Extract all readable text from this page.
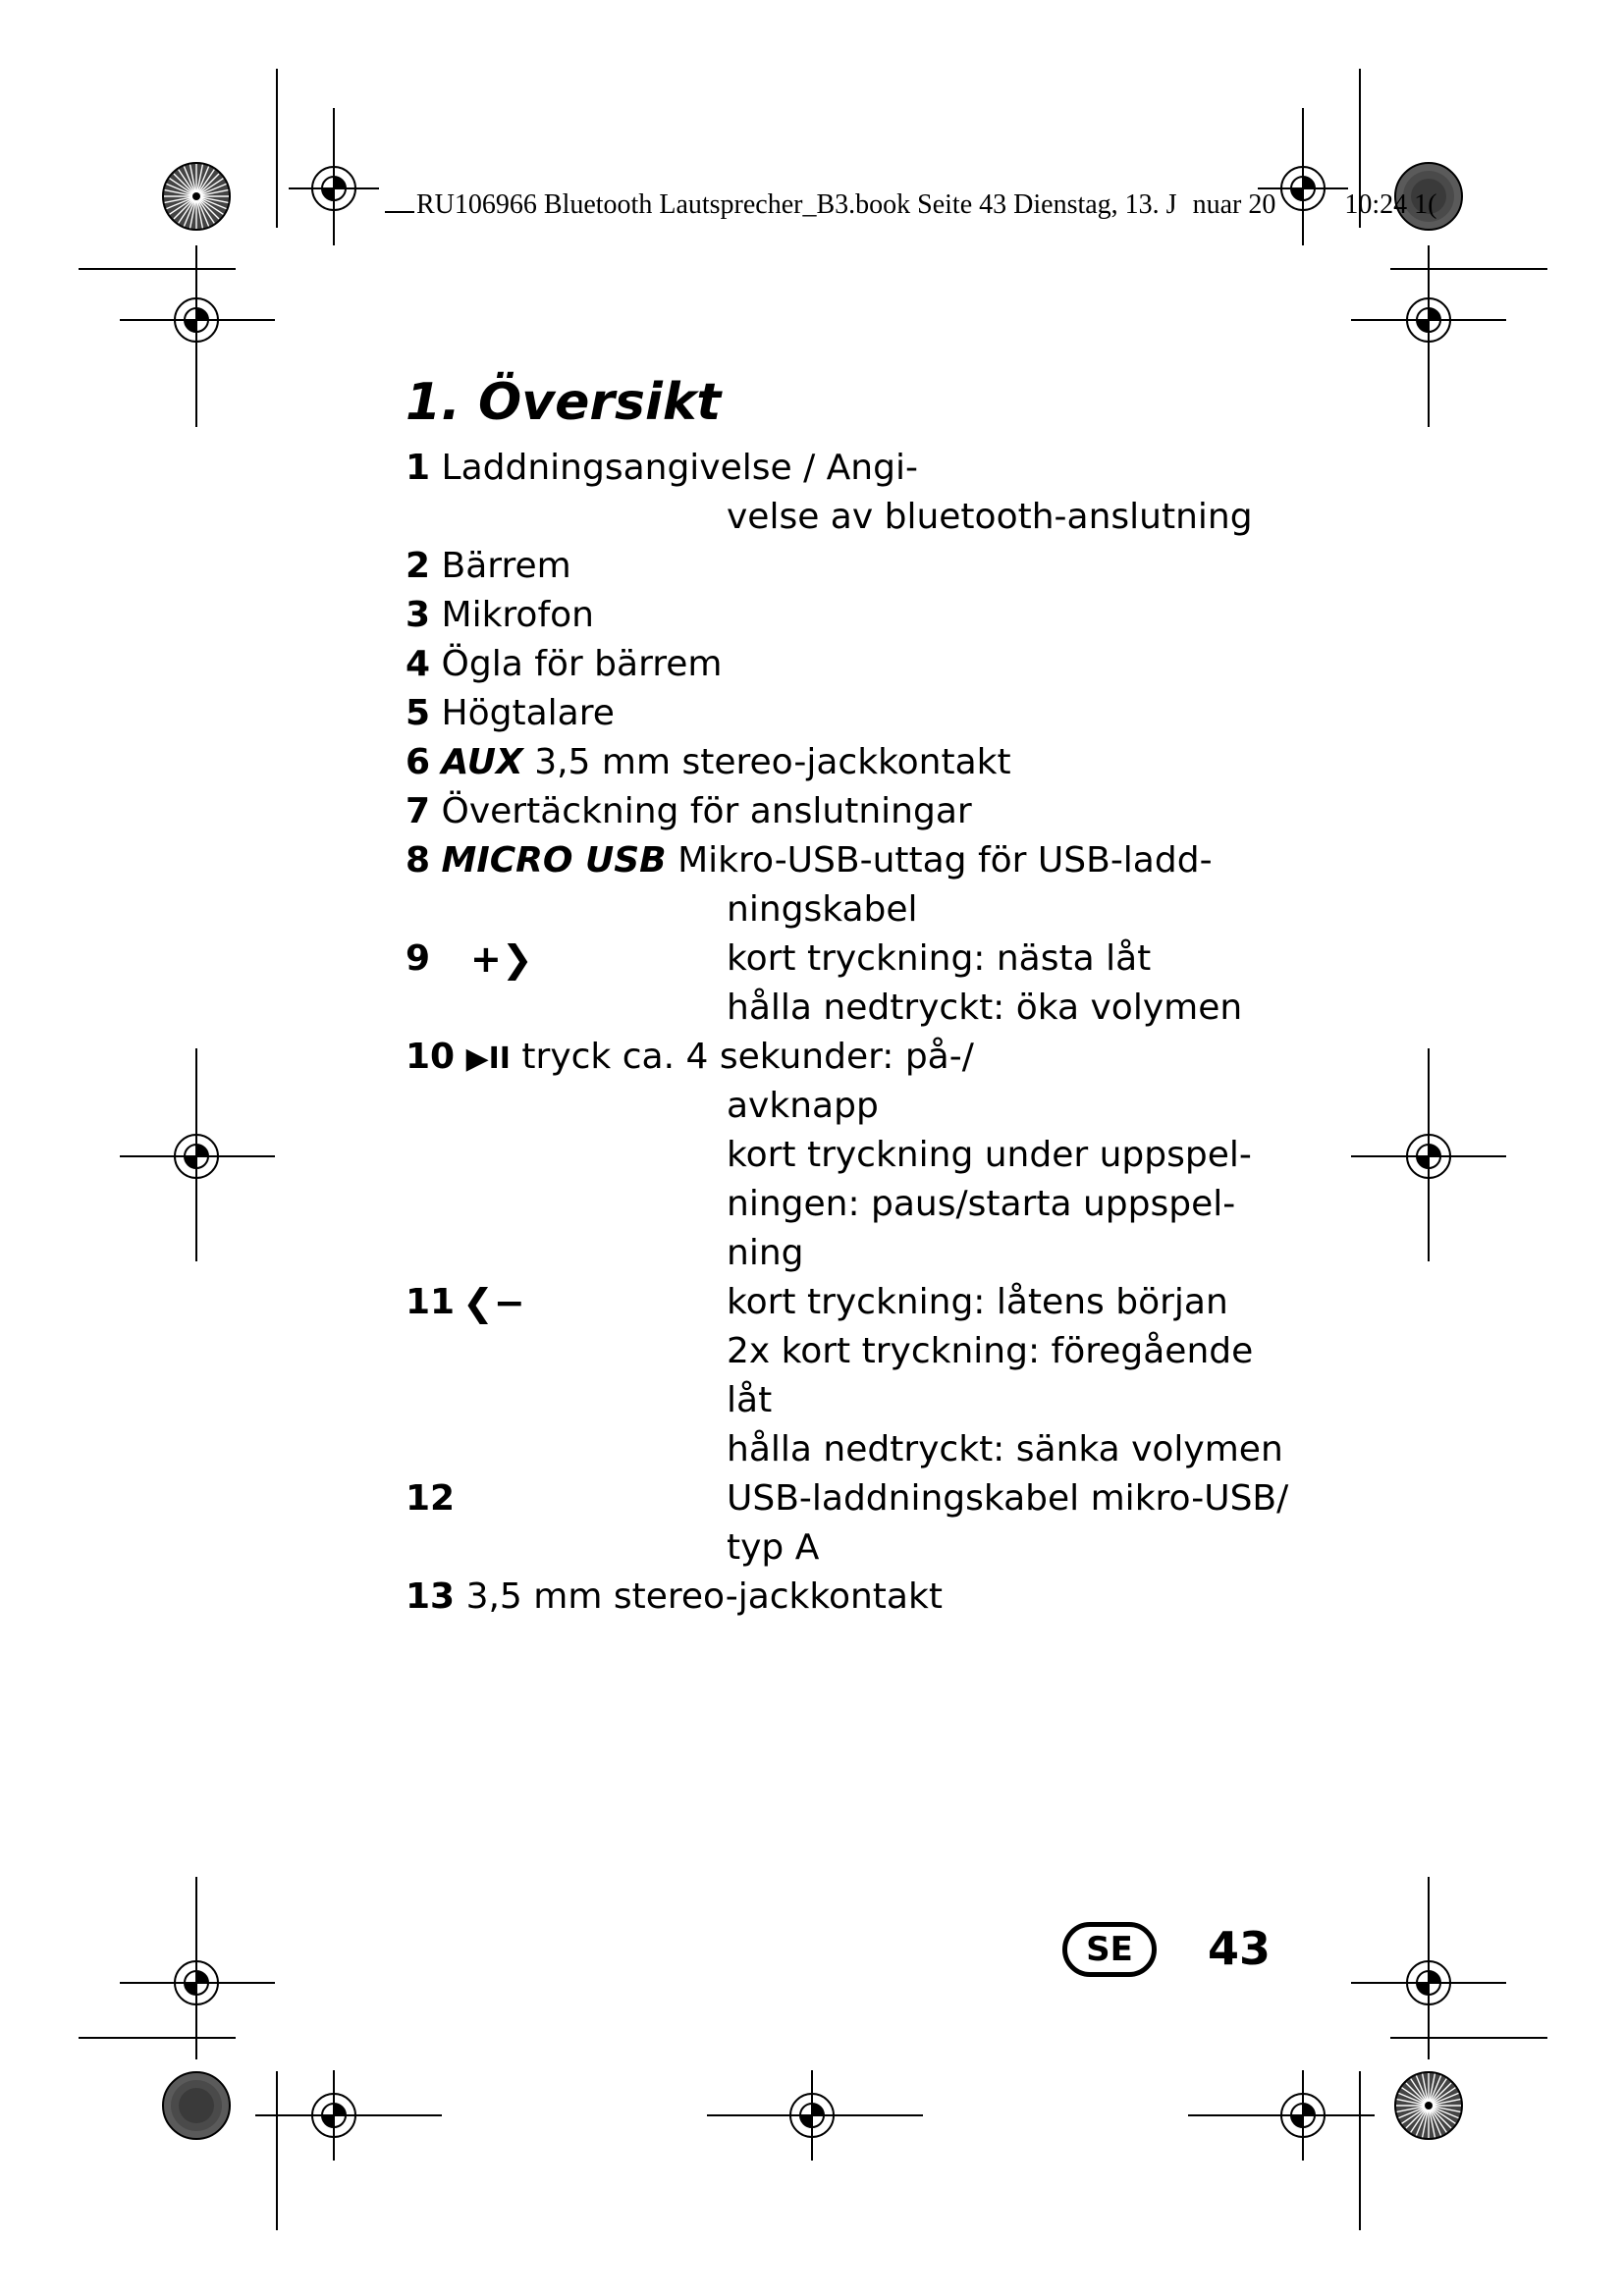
RU106966 Bluetooth Lautsprecher_B3.book Seite 43 Dienstag, 13. J nuar 20	10:24 1(
1. Översikt
1 Laddningsangivelse / Angi-
velse av bluetooth-anslutning
2 Bärrem
3 Mikrofon
4 Ögla för bärrem
5 Högtalare
6 AUX 3,5 mm stereo-jackkontakt
7 Övertäckning för anslutningar
8 MICRO USB Mikro-USB-uttag för USB-ladd-
ningskabel
9 +❯	kort tryckning: nästa låt
hålla nedtryckt: öka volymen
10 ▶II tryck ca. 4 sekunder: på-/
avknapp
kort tryckning under uppspel-
ningen: paus/starta uppspel-
ning
11 ❮−	kort tryckning: låtens början
2x kort tryckning: föregående
låt
hålla nedtryckt: sänka volymen
12	USB-laddningskabel mikro-USB/
typ A
13 3,5 mm stereo-jackkontakt
SE	43
